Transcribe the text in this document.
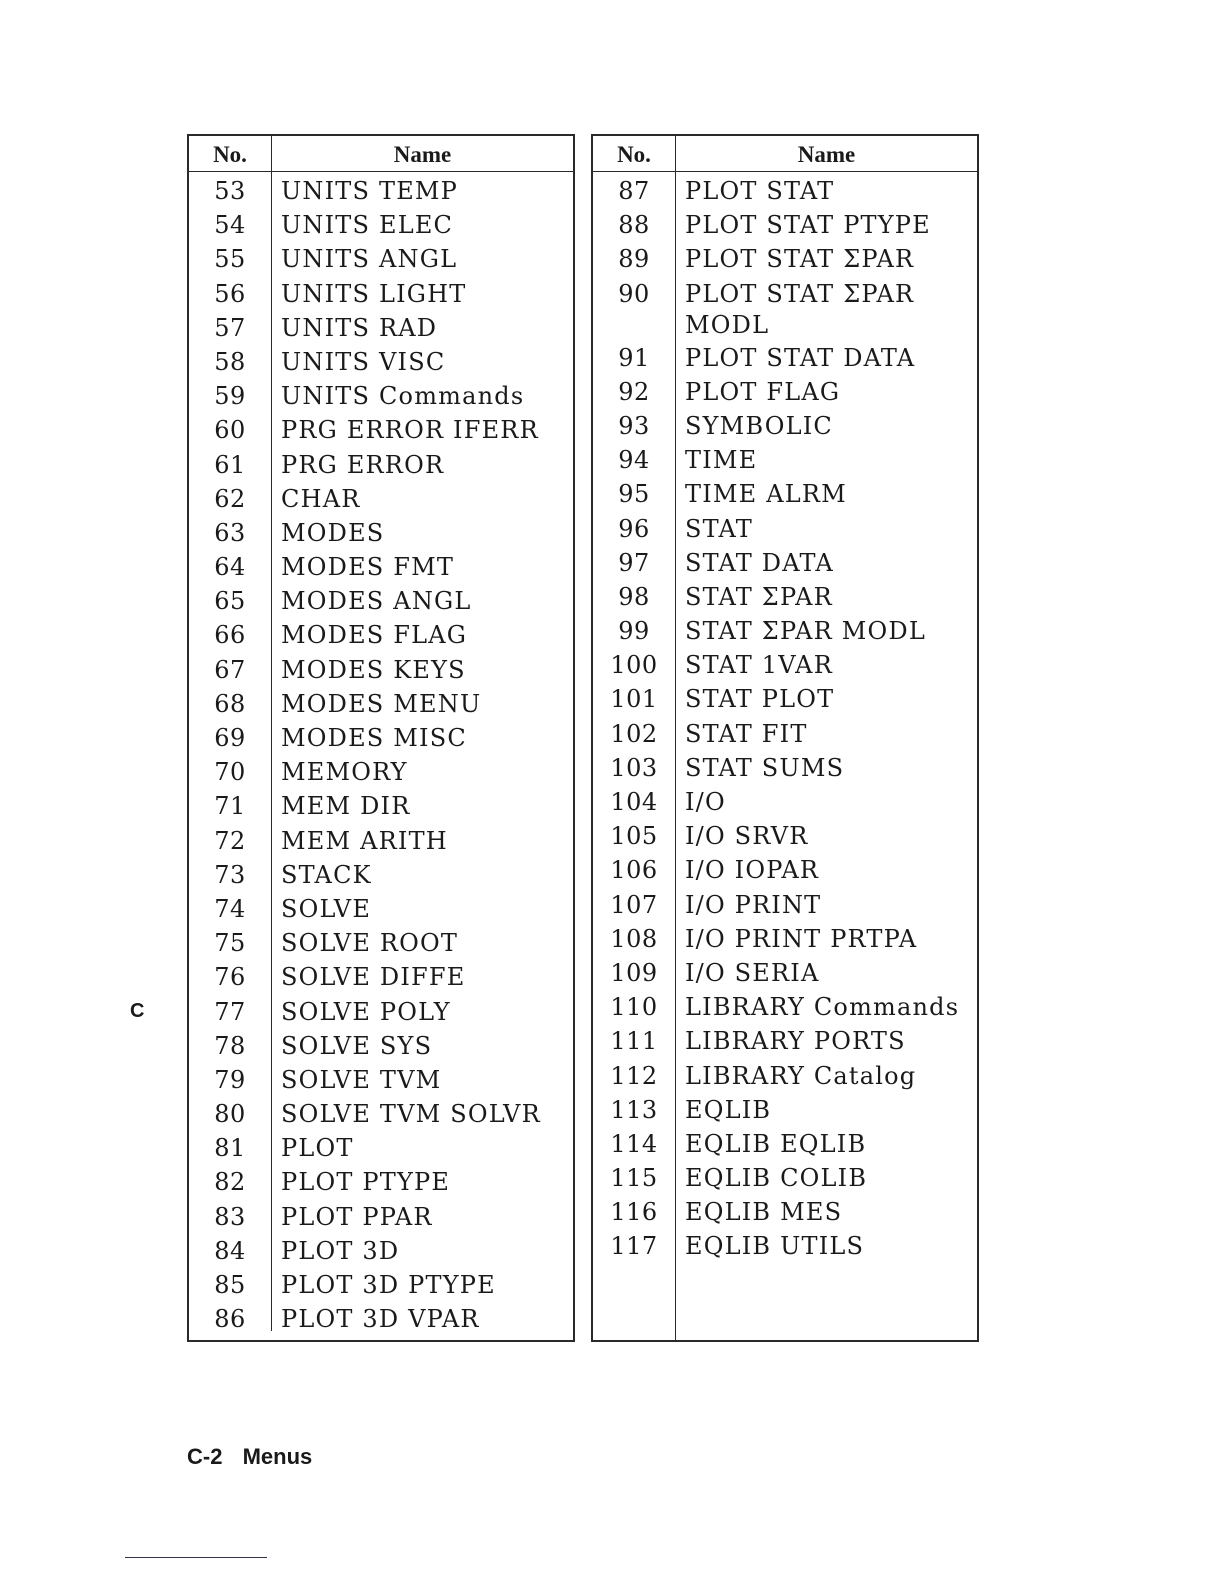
No.	Name
53	UNITS TEMP
54	UNITS ELEC
55	UNITS ANGL
56	UNITS LIGHT
57	UNITS RAD
58	UNITS VISC
59	UNITS Commands
60	PRG ERROR IFERR
61	PRG ERROR
62	CHAR
63	MODES
64	MODES FMT
65	MODES ANGL
66	MODES FLAG
67	MODES KEYS
68	MODES MENU
69	MODES MISC
70	MEMORY
71	MEM DIR
72	MEM ARITH
73	STACK
74	SOLVE
75	SOLVE ROOT
76	SOLVE DIFFE
77	SOLVE POLY
78	SOLVE SYS
79	SOLVE TVM
80	SOLVE TVM SOLVR
81	PLOT
82	PLOT PTYPE
83	PLOT PPAR
84	PLOT 3D
85	PLOT 3D PTYPE
86	PLOT 3D VPAR
No.	Name
87	PLOT STAT
88	PLOT STAT PTYPE
89	PLOT STAT ΣPAR
90	PLOT STAT ΣPAR
MODL
91	PLOT STAT DATA
92	PLOT FLAG
93	SYMBOLIC
94	TIME
95	TIME ALRM
96	STAT
97	STAT DATA
98	STAT ΣPAR
99	STAT ΣPAR MODL
100	STAT 1VAR
101	STAT PLOT
102	STAT FIT
103	STAT SUMS
104	I/O
105	I/O SRVR
106	I/O IOPAR
107	I/O PRINT
108	I/O PRINT PRTPA
109	I/O SERIA
110	LIBRARY Commands
111	LIBRARY PORTS
112	LIBRARY Catalog
113	EQLIB
114	EQLIB EQLIB
115	EQLIB COLIB
116	EQLIB MES
117	EQLIB UTILS
C
C-2 Menus
